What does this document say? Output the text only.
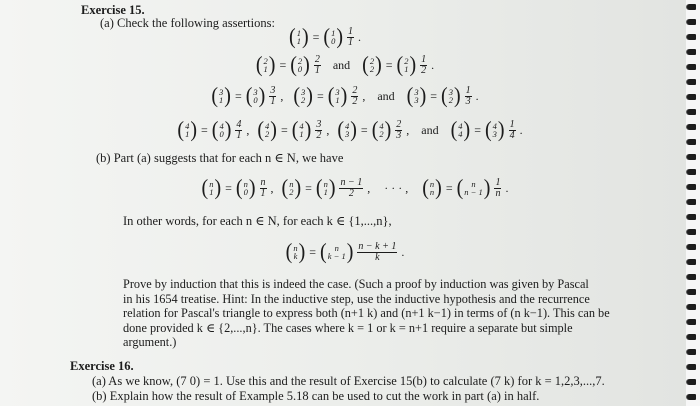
Exercise 15.
(a) Check the following assertions:
( 1
1 ) = ( 1
0 ) $\frac{1}{1}$ .
( 2
1 ) = ( 2
0 ) $\frac{2}{1}$ and ( 2
2 ) = ( 2
1 ) $\frac{1}{2}$ .
( 3
1 ) = ( 3
0 ) $\frac{3}{1}$ , ( 3
2 ) = ( 3
1 ) $\frac{2}{2}$ , and ( 3
3 ) = ( 3
2 ) $\frac{1}{3}$ .
( 4
1 ) = ( 4
0 ) $\frac{4}{1}$ , ( 4
2 ) = ( 4
1 ) $\frac{3}{2}$ , ( 4
3 ) = ( 4
2 ) $\frac{2}{3}$ , and ( 4
4 ) = ( 4
3 ) $\frac{1}{4}$ .
(b) Part (a) suggests that for each n ∈ N, we have
( n
1 ) = ( n
0 ) $\frac{n}{1}$ , ( n
2 ) = ( n
1 ) $\frac{n - 1}{2}$ , · · · , ( n
n ) = ( n
n − 1 ) $\frac{1}{n}$ .
In other words, for each n ∈ N, for each k ∈ {1,...,n},
( n
k ) = ( n
k − 1 ) $\frac{n - k + 1}{k}$ .
Prove by induction that this is indeed the case. (Such a proof by induction was given by Pascal
in his 1654 treatise. Hint: In the inductive step, use the inductive hypothesis and the recurrence
relation for Pascal's triangle to express both (n+1 k) and (n+1 k−1) in terms of (n k−1). This can be
done provided k ∈ {2,...,n}. The cases where k = 1 or k = n+1 require a separate but simple
argument.)
Exercise 16.
(a) As we know, (7 0) = 1. Use this and the result of Exercise 15(b) to calculate (7 k) for k = 1,2,3,...,7.
(b) Explain how the result of Example 5.18 can be used to cut the work in part (a) in half.
